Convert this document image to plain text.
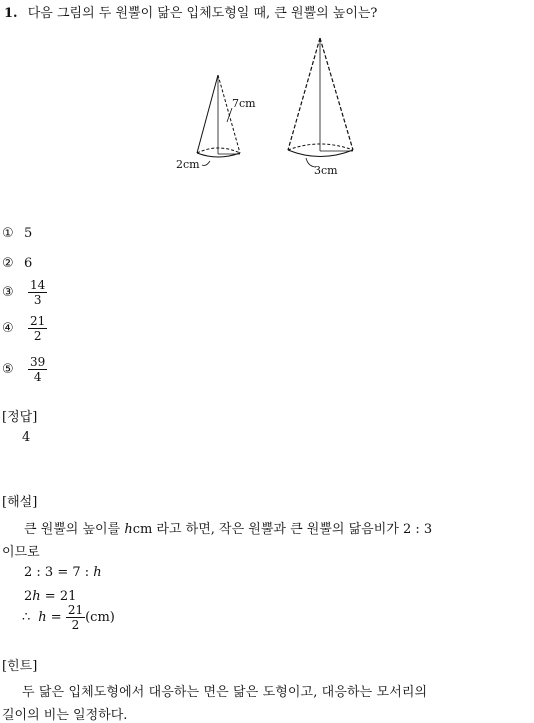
1. 다음 그림의 두 원뿔이 닮은 입체도형일 때, 큰 원뿔의 높이는?
7cm
2cm	3cm
① 5
② 6
③	$\frac{14}{3}$
④	$\frac{21}{2}$
⑤	$\frac{39}{4}$
[정답]
4
[해설]
큰 원뿔의 높이를 hcm 라고 하면, 작은 원뿔과 큰 원뿔의 닮음비가 2 : 3
이므로
2 : 3 = 7 : h
2h = 21
∴ $h = \frac{21}{2} (cm)$
[힌트]
두 닮은 입체도형에서 대응하는 면은 닮은 도형이고, 대응하는 모서리의
길이의 비는 일정하다.
